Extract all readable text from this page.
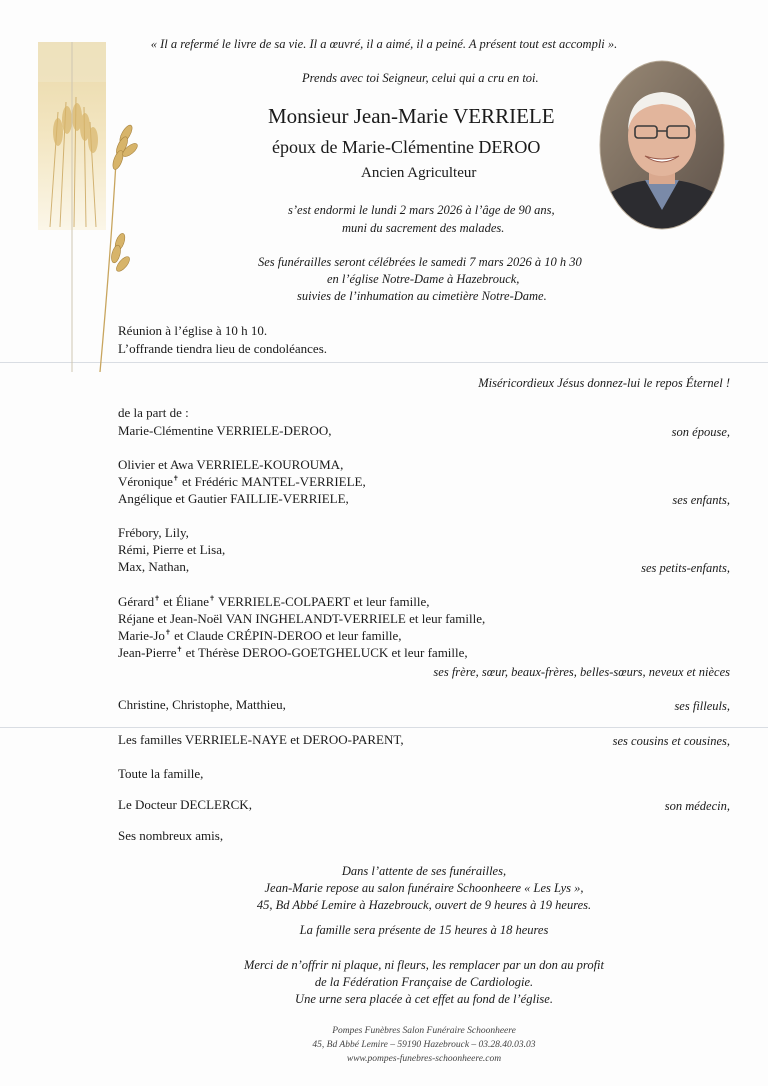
« Il a refermé le livre de sa vie. Il a œuvré, il a aimé, il a peiné. A présent tout est accompli ».
Prends avec toi Seigneur, celui qui a cru en toi.
Monsieur Jean-Marie VERRIELE
époux de Marie-Clémentine DEROO
Ancien Agriculteur
s’est endormi le lundi 2 mars 2026 à l’âge de 90 ans,
muni du sacrement des malades.
Ses funérailles seront célébrées le samedi 7 mars 2026 à 10 h 30
en l’église Notre-Dame à Hazebrouck,
suivies de l’inhumation au cimetière Notre-Dame.
Réunion à l’église à 10 h 10.
L’offrande tiendra lieu de condoléances.
Miséricordieux Jésus donnez-lui le repos Éternel !
de la part de :
Marie-Clémentine VERRIELE-DEROO,	son épouse,
Olivier et Awa VERRIELE-KOUROUMA,
Véronique✝ et Frédéric MANTEL-VERRIELE,
Angélique et Gautier FAILLIE-VERRIELE,	ses enfants,
Frébory, Lily,
Rémi, Pierre et Lisa,
Max, Nathan,	ses petits-enfants,
Gérard✝ et Éliane✝ VERRIELE-COLPAERT et leur famille,
Réjane et Jean-Noël VAN INGHELANDT-VERRIELE et leur famille,
Marie-Jo✝ et Claude CRÉPIN-DEROO et leur famille,
Jean-Pierre✝ et Thérèse DEROO-GOETGHELUCK et leur famille,
ses frère, sœur, beaux-frères, belles-sœurs, neveux et nièces
Christine, Christophe, Matthieu,	ses filleuls,
Les familles VERRIELE-NAYE et DEROO-PARENT,	ses cousins et cousines,
Toute la famille,
Le Docteur DECLERCK,	son médecin,
Ses nombreux amis,
Dans l’attente de ses funérailles,
Jean-Marie repose au salon funéraire Schoonheere « Les Lys »,
45, Bd Abbé Lemire à Hazebrouck, ouvert de 9 heures à 19 heures.
La famille sera présente de 15 heures à 18 heures
Merci de n’offrir ni plaque, ni fleurs, les remplacer par un don au profit
de la Fédération Française de Cardiologie.
Une urne sera placée à cet effet au fond de l’église.
Pompes Funèbres Salon Funéraire Schoonheere
45, Bd Abbé Lemire – 59190 Hazebrouck – 03.28.40.03.03
www.pompes-funebres-schoonheere.com
